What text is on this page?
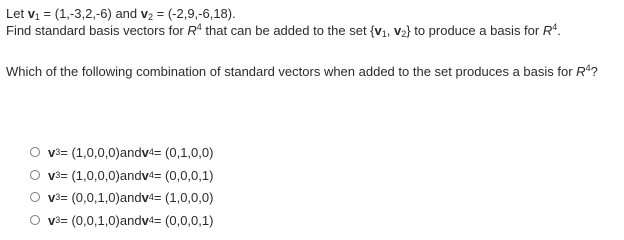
Let $v_1 = (1,-3,2,-6)$ and $v_2 = (-2,9,-6,18)$.
Find standard basis vectors for $R^4$ that can be added to the set {$v_1$, $v_2$} to produce a basis for $R^4$.
Which of the following combination of standard vectors when added to the set produces a basis for $R^4$?
v 3 = (1,0,0,0) and v 4 = (0,1,0,0)
v 3 = (1,0,0,0) and v 4 = (0,0,0,1)
v 3 = (0,0,1,0) and v 4 = (1,0,0,0)
v 3 = (0,0,1,0) and v 4 = (0,0,0,1)
